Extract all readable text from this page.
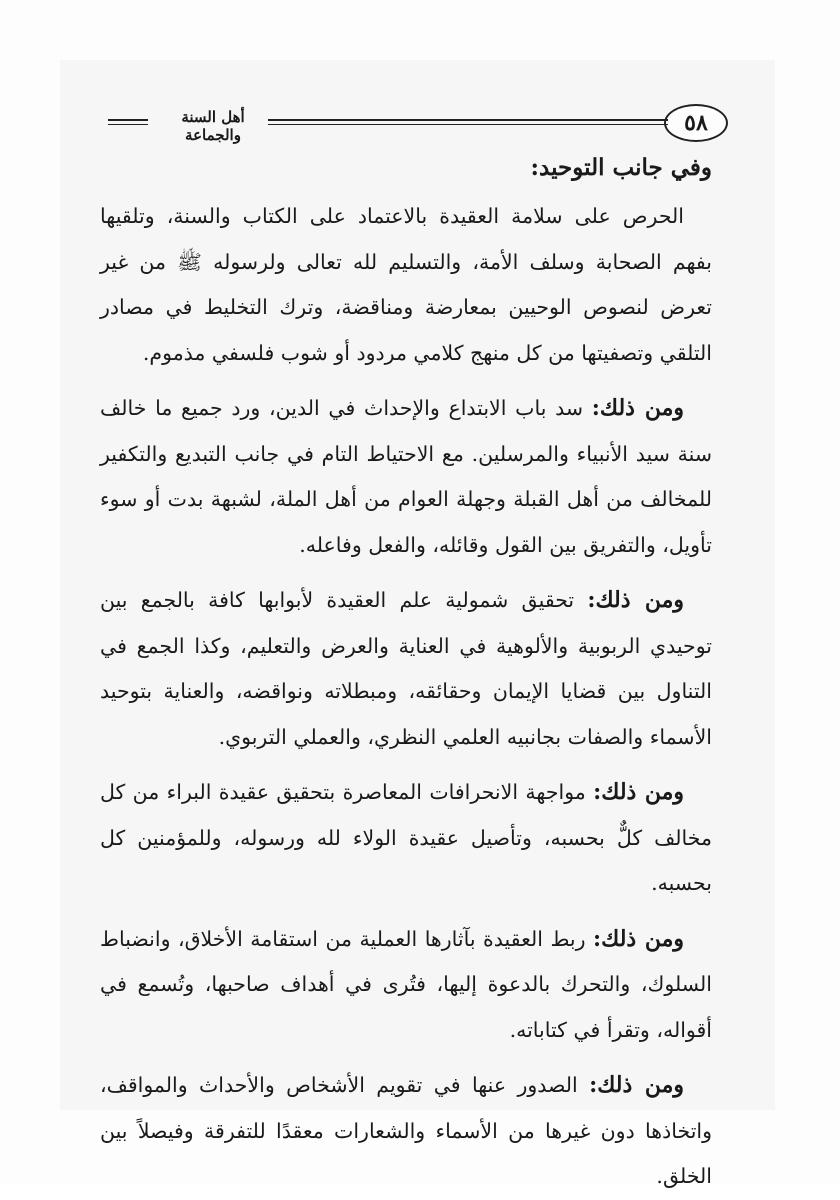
٥٨
أهل السنة والجماعة

وفي جانب التوحيد:

الحرص على سلامة العقيدة بالاعتماد على الكتاب والسنة، وتلقيها بفهم الصحابة وسلف الأمة، والتسليم لله تعالى ولرسوله ﷺ من غير تعرض لنصوص الوحيين بمعارضة ومناقضة، وترك التخليط في مصادر التلقي وتصفيتها من كل منهج كلامي مردود أو شوب فلسفي مذموم.

ومن ذلك: سد باب الابتداع والإحداث في الدين، ورد جميع ما خالف سنة سيد الأنبياء والمرسلين. مع الاحتياط التام في جانب التبديع والتكفير للمخالف من أهل القبلة وجهلة العوام من أهل الملة، لشبهة بدت أو سوء تأويل، والتفريق بين القول وقائله، والفعل وفاعله.

ومن ذلك: تحقيق شمولية علم العقيدة لأبوابها كافة بالجمع بين توحيدي الربوبية والألوهية في العناية والعرض والتعليم، وكذا الجمع في التناول بين قضايا الإيمان وحقائقه، ومبطلاته ونواقضه، والعناية بتوحيد الأسماء والصفات بجانبيه العلمي النظري، والعملي التربوي.

ومن ذلك: مواجهة الانحرافات المعاصرة بتحقيق عقيدة البراء من كل مخالف كلٌّ بحسبه، وتأصيل عقيدة الولاء لله ورسوله، وللمؤمنين كل بحسبه.

ومن ذلك: ربط العقيدة بآثارها العملية من استقامة الأخلاق، وانضباط السلوك، والتحرك بالدعوة إليها، فتُرى في أهداف صاحبها، وتُسمع في أقواله، وتقرأ في كتاباته.

ومن ذلك: الصدور عنها في تقويم الأشخاص والأحداث والمواقف، واتخاذها دون غيرها من الأسماء والشعارات معقدًا للتفرقة وفيصلاً بين الخلق.
